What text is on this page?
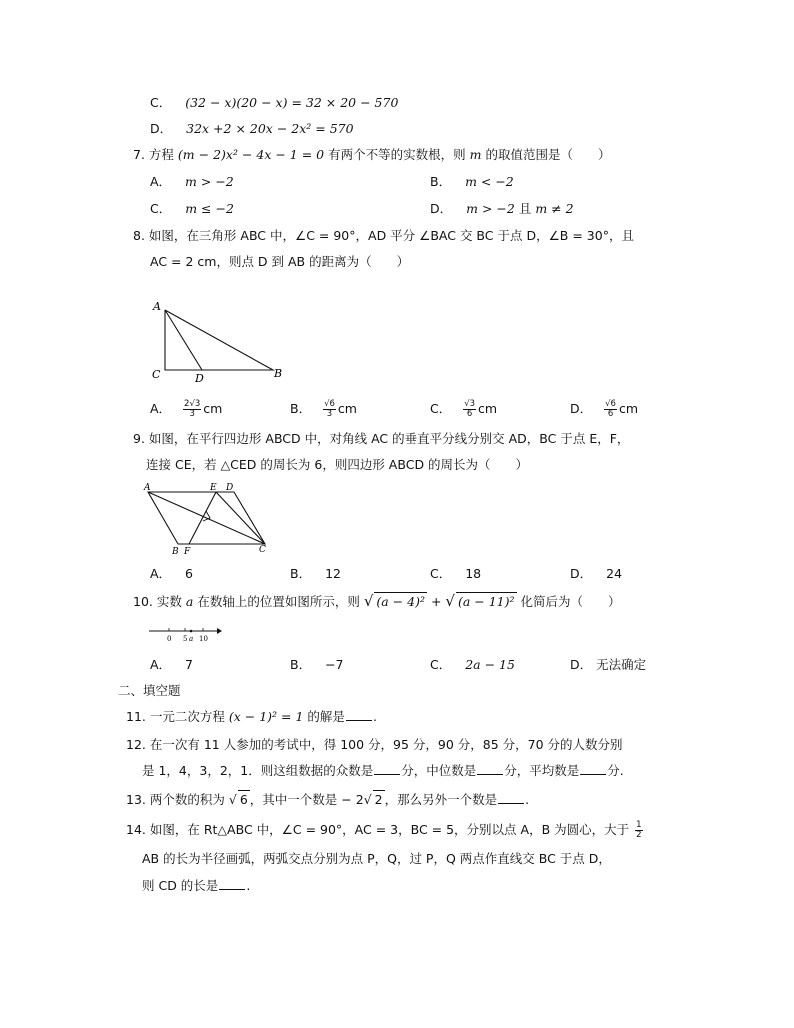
C． (32 − x)(20 − x) = 32 × 20 − 570
D． 32x +2 × 20x − 2x² = 570
7. 方程 (m − 2)x² − 4x − 1 = 0 有两个不等的实数根，则 m 的取值范围是（　　）
A． m > −2	B． m < −2
C． m ≤ −2	D． m > −2 且 m ≠ 2
8. 如图，在三角形 ABC 中，∠C = 90°，AD 平分 ∠BAC 交 BC 于点 D，∠B = 30°，且
AC = 2 cm，则点 D 到 AB 的距离为（　　）
A
C	D	B
A． $\frac{2√3}{3}$ cm	B． $\frac{√6}{3}$ cm	C． $\frac{√3}{6}$ cm	D． $\frac{√6}{6}$ cm
9. 如图，在平行四边形 ABCD 中，对角线 AC 的垂直平分线分别交 AD，BC 于点 E，F，
连接 CE，若 △CED 的周长为 6，则四边形 ABCD 的周长为（　　）
A	E D
B F	C
A． 6	B． 12	C． 18	D． 24
10. 实数 a 在数轴上的位置如图所示，则 √ (a − 4)² + √ (a − 11)² 化简后为（　　）
0 5 a 10
A． 7	B． −7	C． 2a − 15	D． 无法确定
二、填空题
11. 一元二次方程 (x − 1)² = 1 的解是 .
12. 在一次有 11 人参加的考试中，得 100 分，95 分，90 分，85 分，70 分的人数分别
是 1，4，3，2，1．则这组数据的众数是 分，中位数是 分，平均数是 分.
13. 两个数的积为 √ 6 ，其中一个数是 − 2√ 2 ，那么另外一个数是 .
14. 如图，在 Rt△ABC 中，∠C = 90°，AC = 3，BC = 5，分别以点 A，B 为圆心，大于 $\frac{1}{2}$
AB 的长为半径画弧，两弧交点分别为点 P，Q，过 P，Q 两点作直线交 BC 于点 D，
则 CD 的长是 .
